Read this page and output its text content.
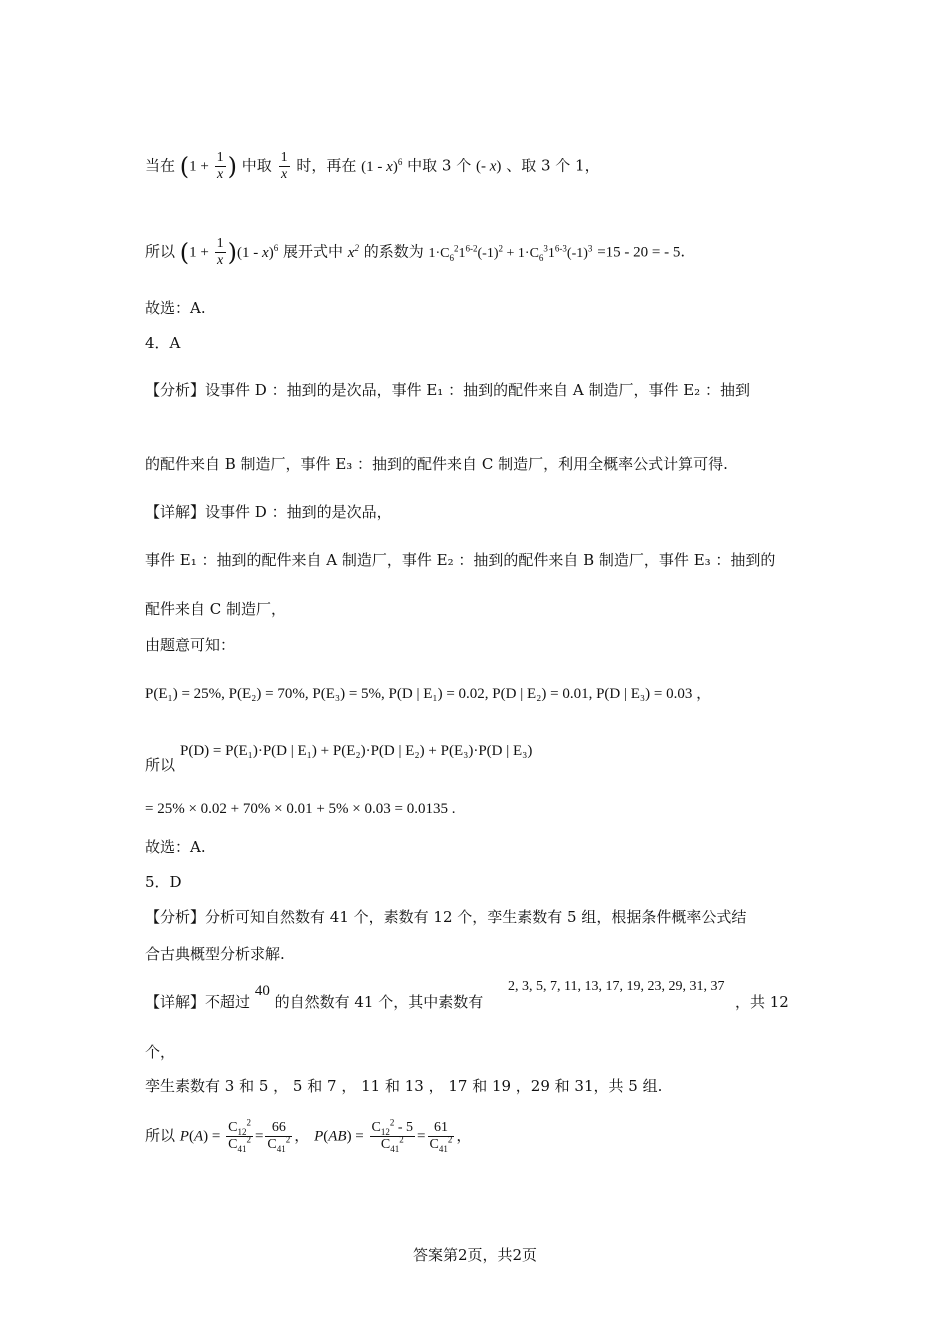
当在 ($1 + \frac{1}{x}$ ) 中取 $\frac{1}{x}$ 时，再在 (1 - x)$^6$ 中取 3 个 (- x) 、取 3 个 1，
所以 $(1 + \frac{1}{x} )(1 - x)^6$ 展开式中 $x^2$ 的系数为 $1\cdot C_6^21^{6-2}(-1)^2 + 1\cdot C_6^31^{6-3}(-1)^3 =15 - 20$ = - 5.
故选：A.
4．A
【分析】设事件 D ：抽到的是次品，事件 E₁ ：抽到的配件来自 A 制造厂，事件 E₂ ：抽到
的配件来自 B 制造厂，事件 E₃ ：抽到的配件来自 C 制造厂，利用全概率公式计算可得.
【详解】设事件 D ：抽到的是次品，
事件 E₁ ：抽到的配件来自 A 制造厂，事件 E₂ ：抽到的配件来自 B 制造厂，事件 E₃ ：抽到的
配件来自 C 制造厂，
由题意可知：
P(E₁) = 25%, P(E₂) = 70%, P(E₃) = 5%, P(D | E₁) = 0.02, P(D | E₂) = 0.01, P(D | E₃) = 0.03 ，
所以
P(D) = P(E₁)·P(D | E₁) + P(E₂)·P(D | E₂) + P(E₃)·P(D | E₃)
= 25% × 0.02 + 70% × 0.01 + 5% × 0.03 = 0.0135 .
故选：A.
5．D
【分析】分析可知自然数有 41 个，素数有 12 个，孪生素数有 5 组，根据条件概率公式结
合古典概型分析求解.
【详解】不超过 40 的自然数有 41 个，其中素数有
2, 3, 5, 7, 11, 13, 17, 19, 23, 29, 31, 37
，共 12
个，
孪生素数有 3 和 5 ， 5 和 7 ， 11 和 13 ， 17 和 19 ，29 和 31，共 5 组.
所以 $P(A) = \frac{C_{12}^2}{C_{41}^2} = \frac{66}{C_{41}^2}$ ， $P(AB) = \frac{C_{12}^2 - 5}{C_{41}^2} = \frac{61}{C_{41}^2}$ ，
答案第2页，共2页
